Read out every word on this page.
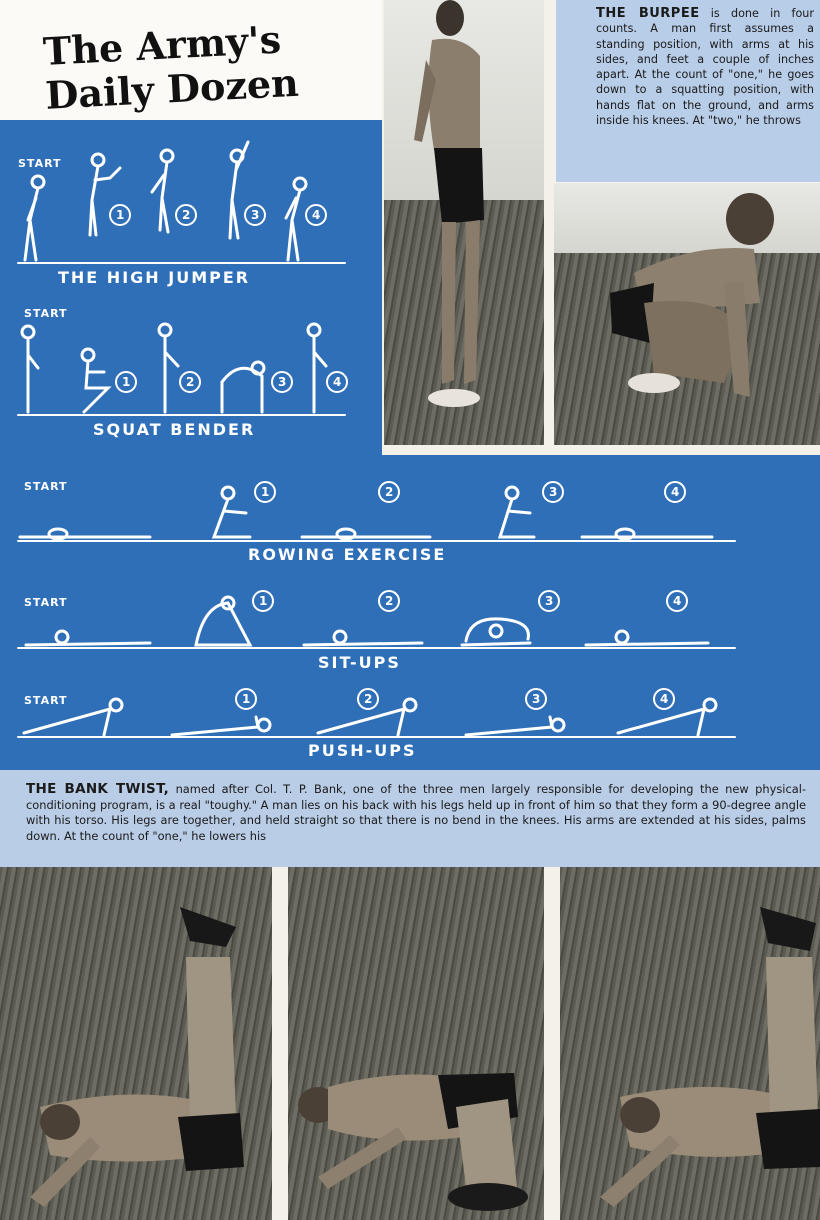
The Army's
Daily Dozen
START
START
THE HIGH JUMPER
SQUAT BENDER
1	2	3	4
1	2	3	4

THE BURPEE is done in four counts. A man first assumes a standing position, with arms at his sides, and feet a couple of inches apart. At the count of "one," he goes down to a squatting position, with hands flat on the ground, and arms inside his knees. At "two," he throws

START
START
START
ROWING EXERCISE
SIT-UPS
PUSH-UPS
1	2	3	4
1	2	3	4
1	2	3	4

THE BANK TWIST, named after Col. T. P. Bank, one of the three men largely responsible for developing the new physical-conditioning program, is a real "toughy." A man lies on his back with his legs held up in front of him so that they form a 90-degree angle with his torso. His legs are together, and held straight so that there is no bend in the knees. His arms are extended at his sides, palms down. At the count of "one," he lowers his
